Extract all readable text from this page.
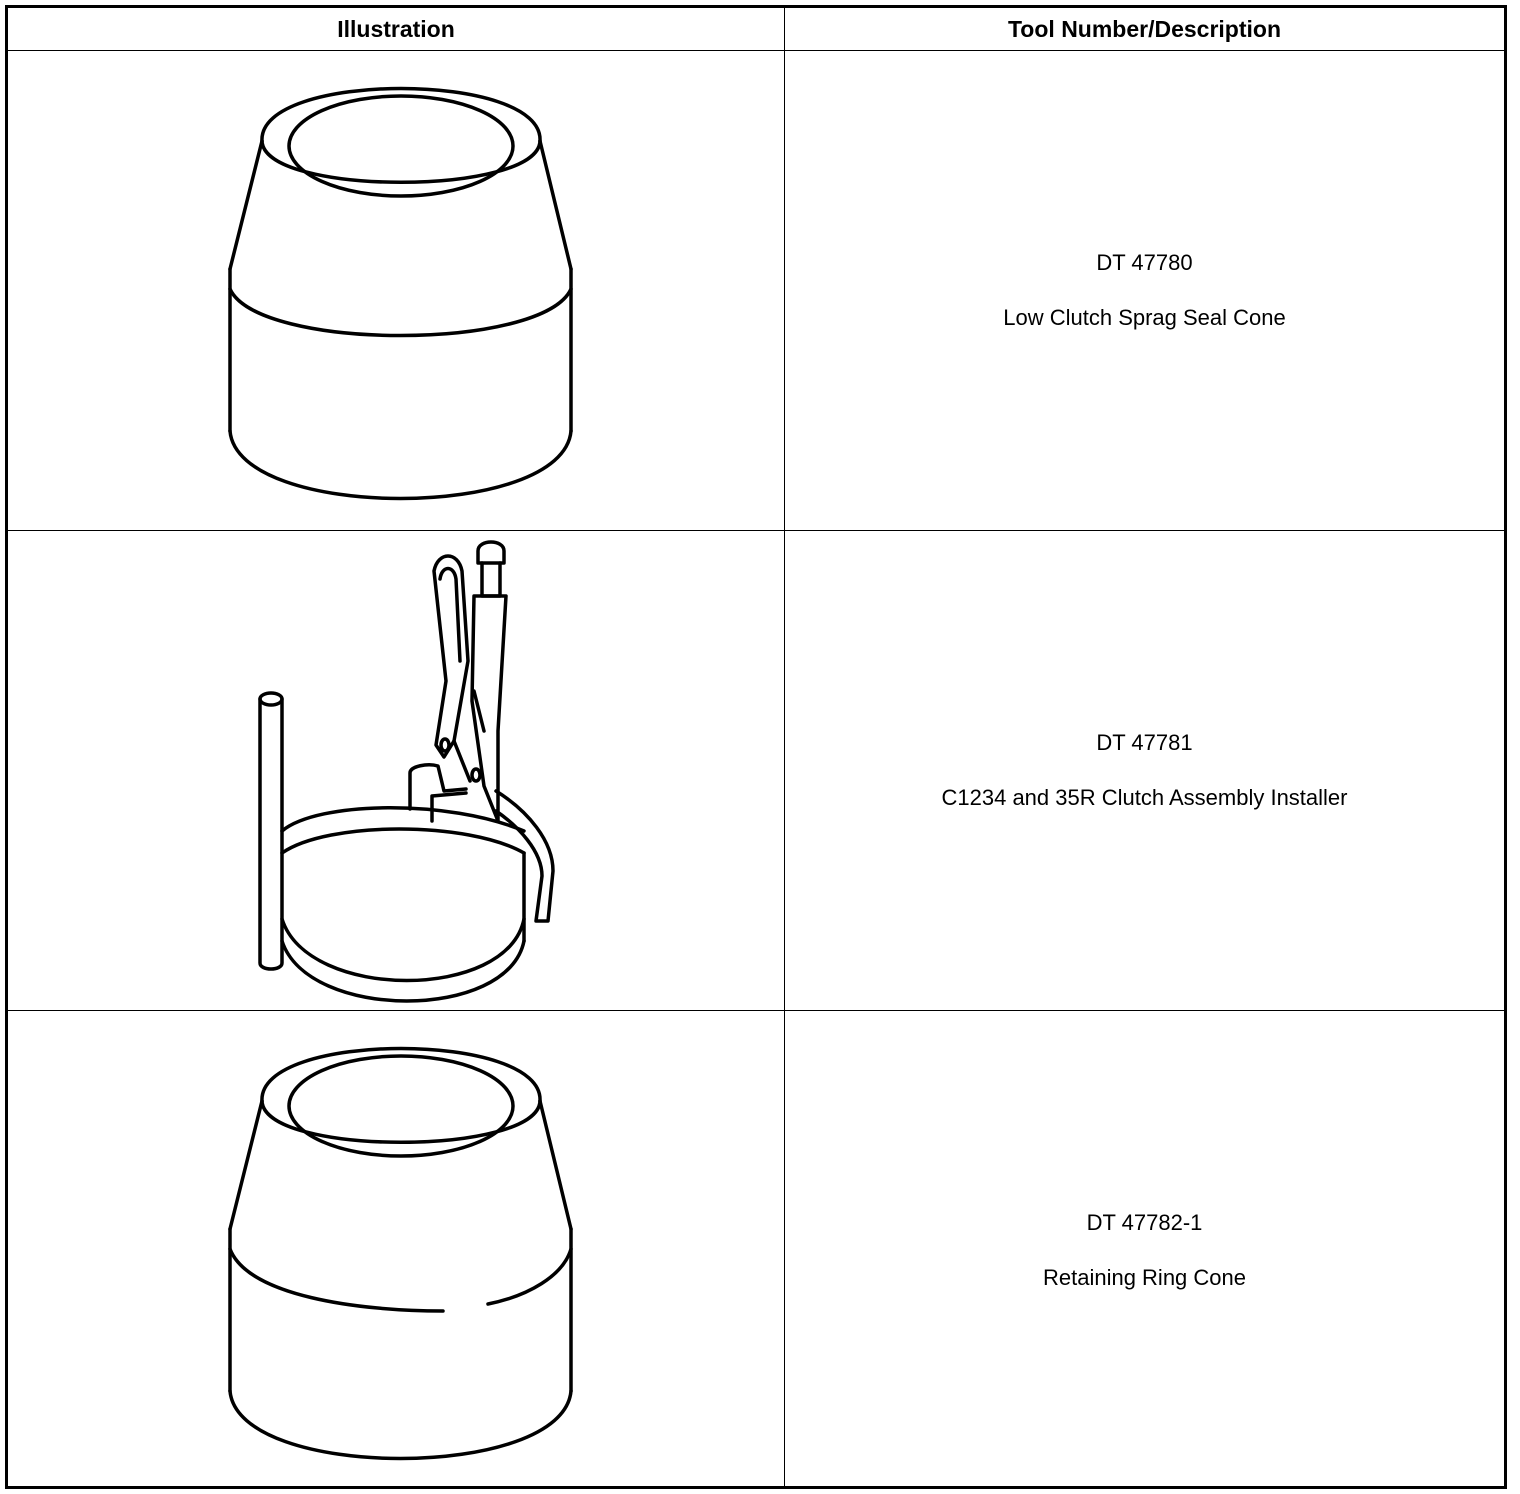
Illustration	Tool Number/Description
DT 47780
Low Clutch Sprag Seal Cone
DT 47781
C1234 and 35R Clutch Assembly Installer
DT 47782-1
Retaining Ring Cone
